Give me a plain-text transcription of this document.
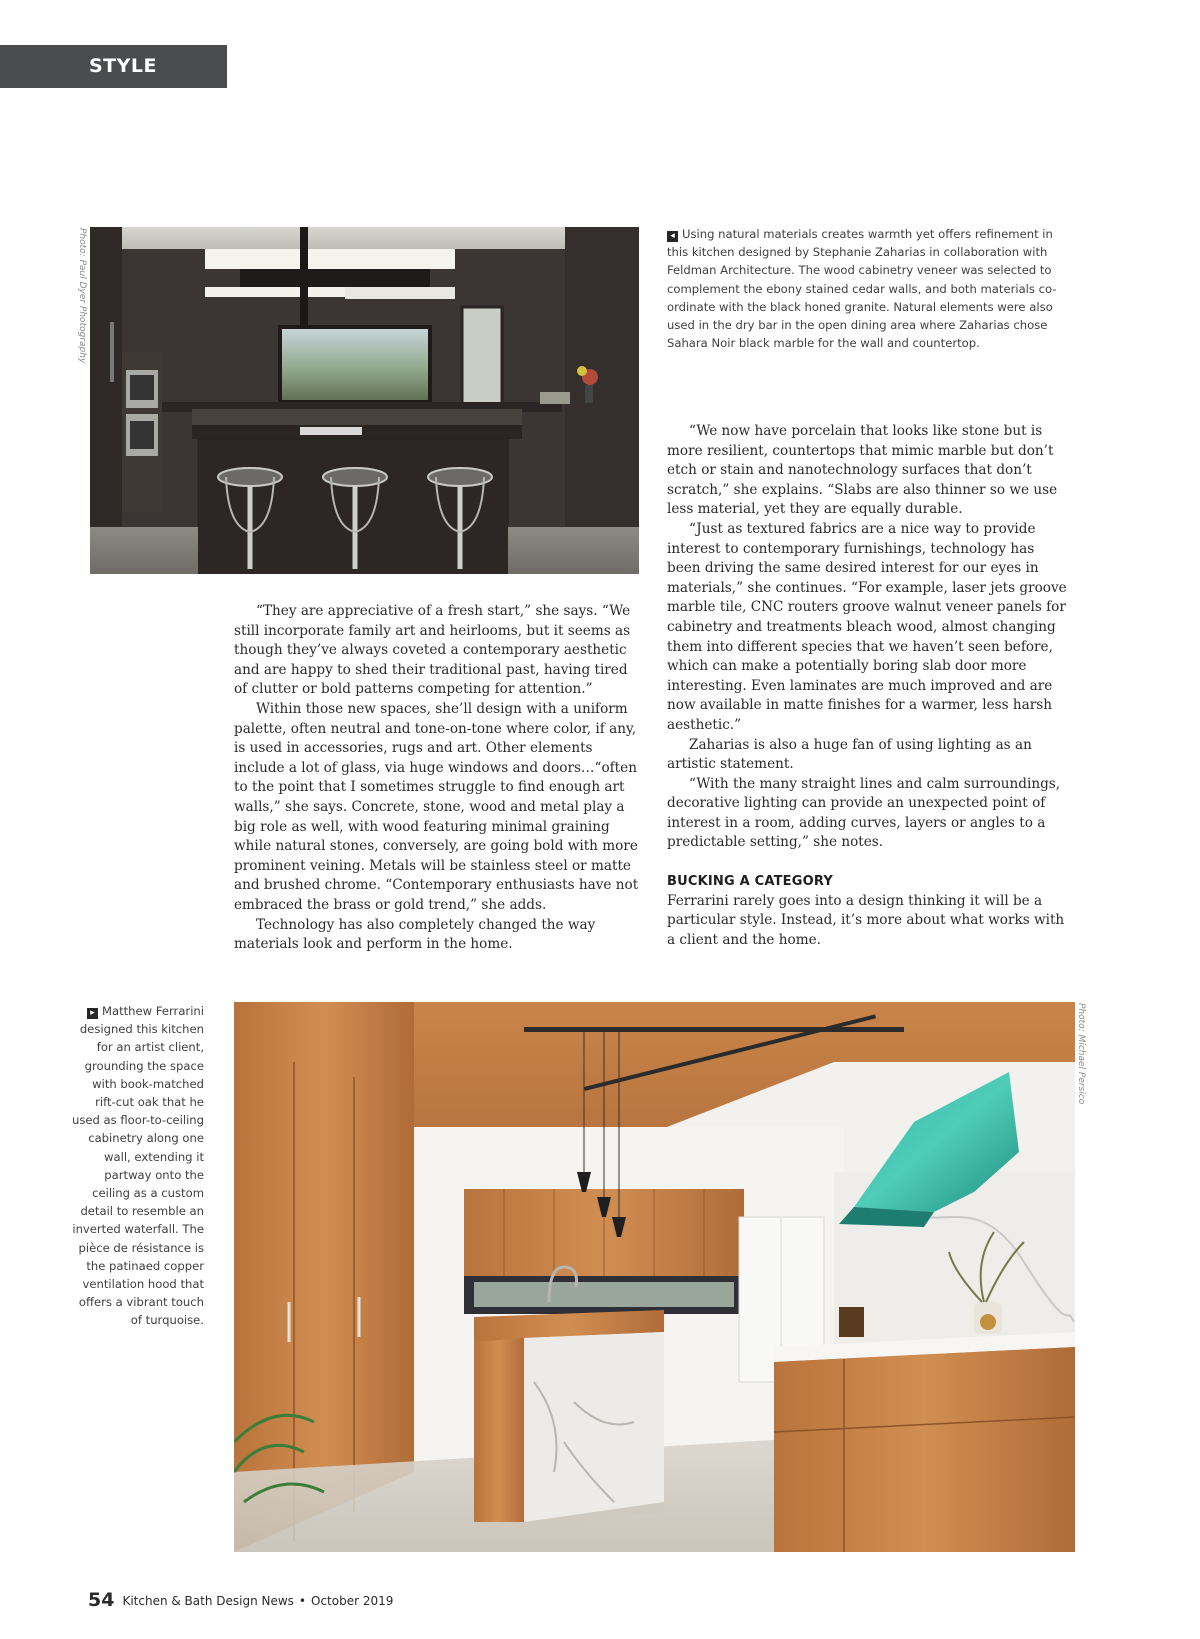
STYLE ALERT
Photo: Paul Dyer Photography	◂ Using natural materials creates warmth yet offers refinement in this kitchen designed by Stephanie Zaharias in collaboration with Feldman Architecture. The wood cabinetry veneer was selected to complement the ebony stained cedar walls, and both materials co-ordinate with the black honed granite. Natural elements were also used in the dry bar in the open dining area where Zaharias chose Sahara Noir black marble for the wall and countertop.

“We now have porcelain that looks like stone but is more resilient, countertops that mimic marble but don’t etch or stain and nanotechnology surfaces that don’t scratch,” she explains. “Slabs are also thinner so we use less material, yet they are equally durable.

“Just as textured fabrics are a nice way to provide interest to contemporary furnishings, technology has been driving the same desired interest for our eyes in materials,” she continues. “For example, laser jets groove marble tile, CNC routers groove walnut veneer panels for cabinetry and treatments bleach wood, almost changing them into different species that we haven’t seen before, which can make a potentially boring slab door more interesting. Even laminates are much improved and are now available in matte finishes for a warmer, less harsh aesthetic.”

Zaharias is also a huge fan of using lighting as an artistic statement.

“With the many straight lines and calm surroundings, decorative lighting can provide an unexpected point of interest in a room, adding curves, layers or angles to a predictable setting,” she notes.

BUCKING A CATEGORY

Ferrarini rarely goes into a design thinking it will be a particular style. Instead, it’s more about what works with a client and the home.

“They are appreciative of a fresh start,” she says. “We still incorporate family art and heirlooms, but it seems as though they’ve always coveted a contemporary aesthetic and are happy to shed their traditional past, having tired of clutter or bold patterns competing for attention.”

Within those new spaces, she’ll design with a uniform palette, often neutral and tone-on-tone where color, if any, is used in accessories, rugs and art. Other elements include a lot of glass, via huge windows and doors…“often to the point that I sometimes struggle to find enough art walls,” she says. Concrete, stone, wood and metal play a big role as well, with wood featuring minimal graining while natural stones, conversely, are going bold with more prominent veining. Metals will be stainless steel or matte and brushed chrome. “Contemporary enthusiasts have not embraced the brass or gold trend,” she adds.

Technology has also completely changed the way materials look and perform in the home.

▸ Matthew Ferrarini designed this kitchen for an artist client, grounding the space with book-matched rift-cut oak that he used as floor-to-ceiling cabinetry along one wall, extending it partway onto the ceiling as a custom detail to resemble an inverted waterfall. The pièce de résistance is the patinaed copper ventilation hood that offers a vibrant touch of turquoise.
Photo: Michael Persico
54 Kitchen & Bath Design News • October 2019
